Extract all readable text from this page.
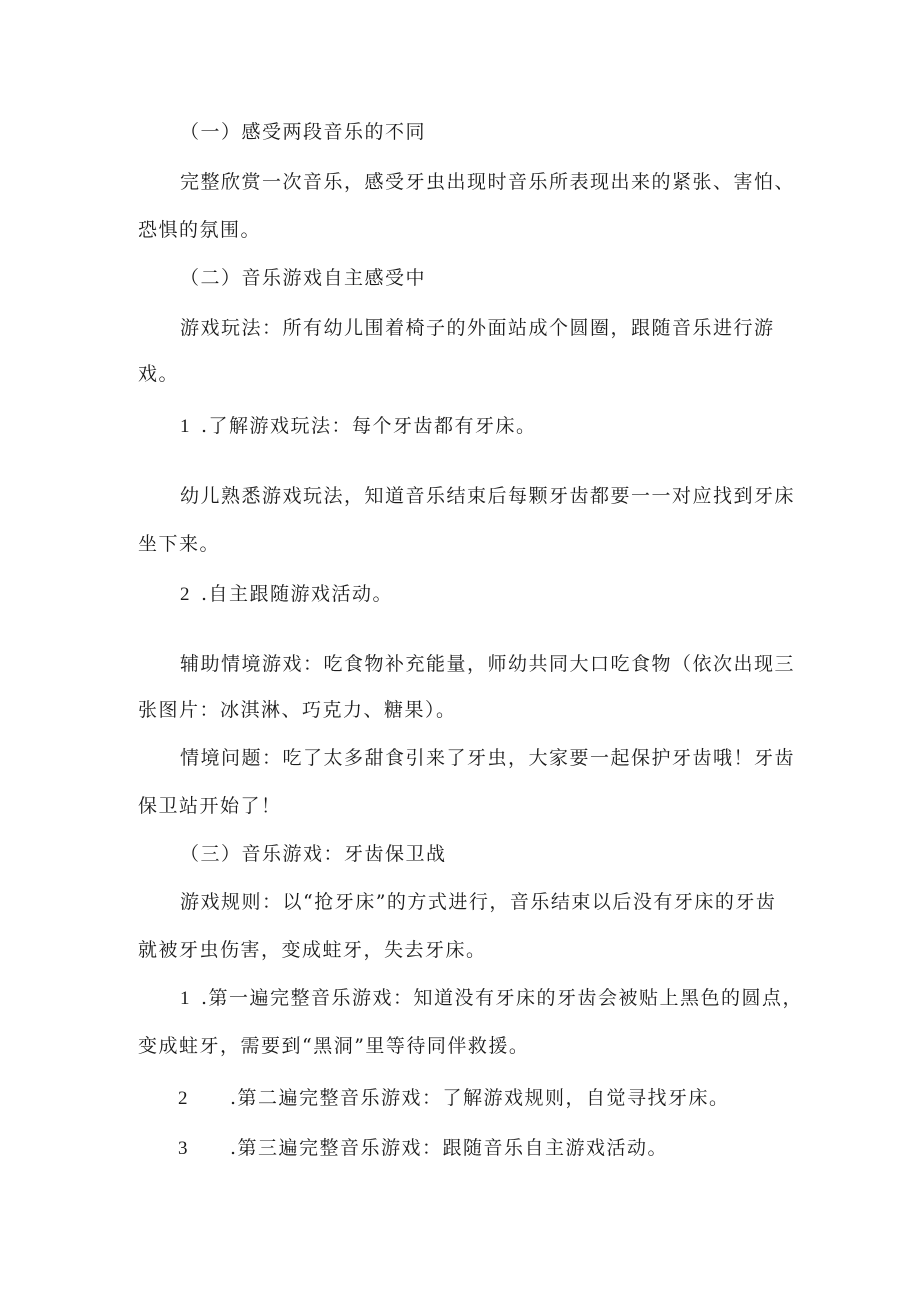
（一）感受两段音乐的不同
完整欣赏一次音乐，感受牙虫出现时音乐所表现出来的紧张、害怕、
恐惧的氛围。
（二）音乐游戏自主感受中
游戏玩法：所有幼儿围着椅子的外面站成个圆圈，跟随音乐进行游
戏。
1 .了解游戏玩法：每个牙齿都有牙床。
幼儿熟悉游戏玩法，知道音乐结束后每颗牙齿都要一一对应找到牙床
坐下来。
2 .自主跟随游戏活动。
辅助情境游戏：吃食物补充能量，师幼共同大口吃食物（依次出现三
张图片：冰淇淋、巧克力、糖果）。
情境问题：吃了太多甜食引来了牙虫，大家要一起保护牙齿哦！牙齿
保卫站开始了！
（三）音乐游戏：牙齿保卫战
游戏规则：以“抢牙床”的方式进行，音乐结束以后没有牙床的牙齿
就被牙虫伤害，变成蛀牙，失去牙床。
1 .第一遍完整音乐游戏：知道没有牙床的牙齿会被贴上黑色的圆点，
变成蛀牙，需要到“黑洞”里等待同伴救援。
2 .第二遍完整音乐游戏：了解游戏规则，自觉寻找牙床。
3 .第三遍完整音乐游戏：跟随音乐自主游戏活动。
